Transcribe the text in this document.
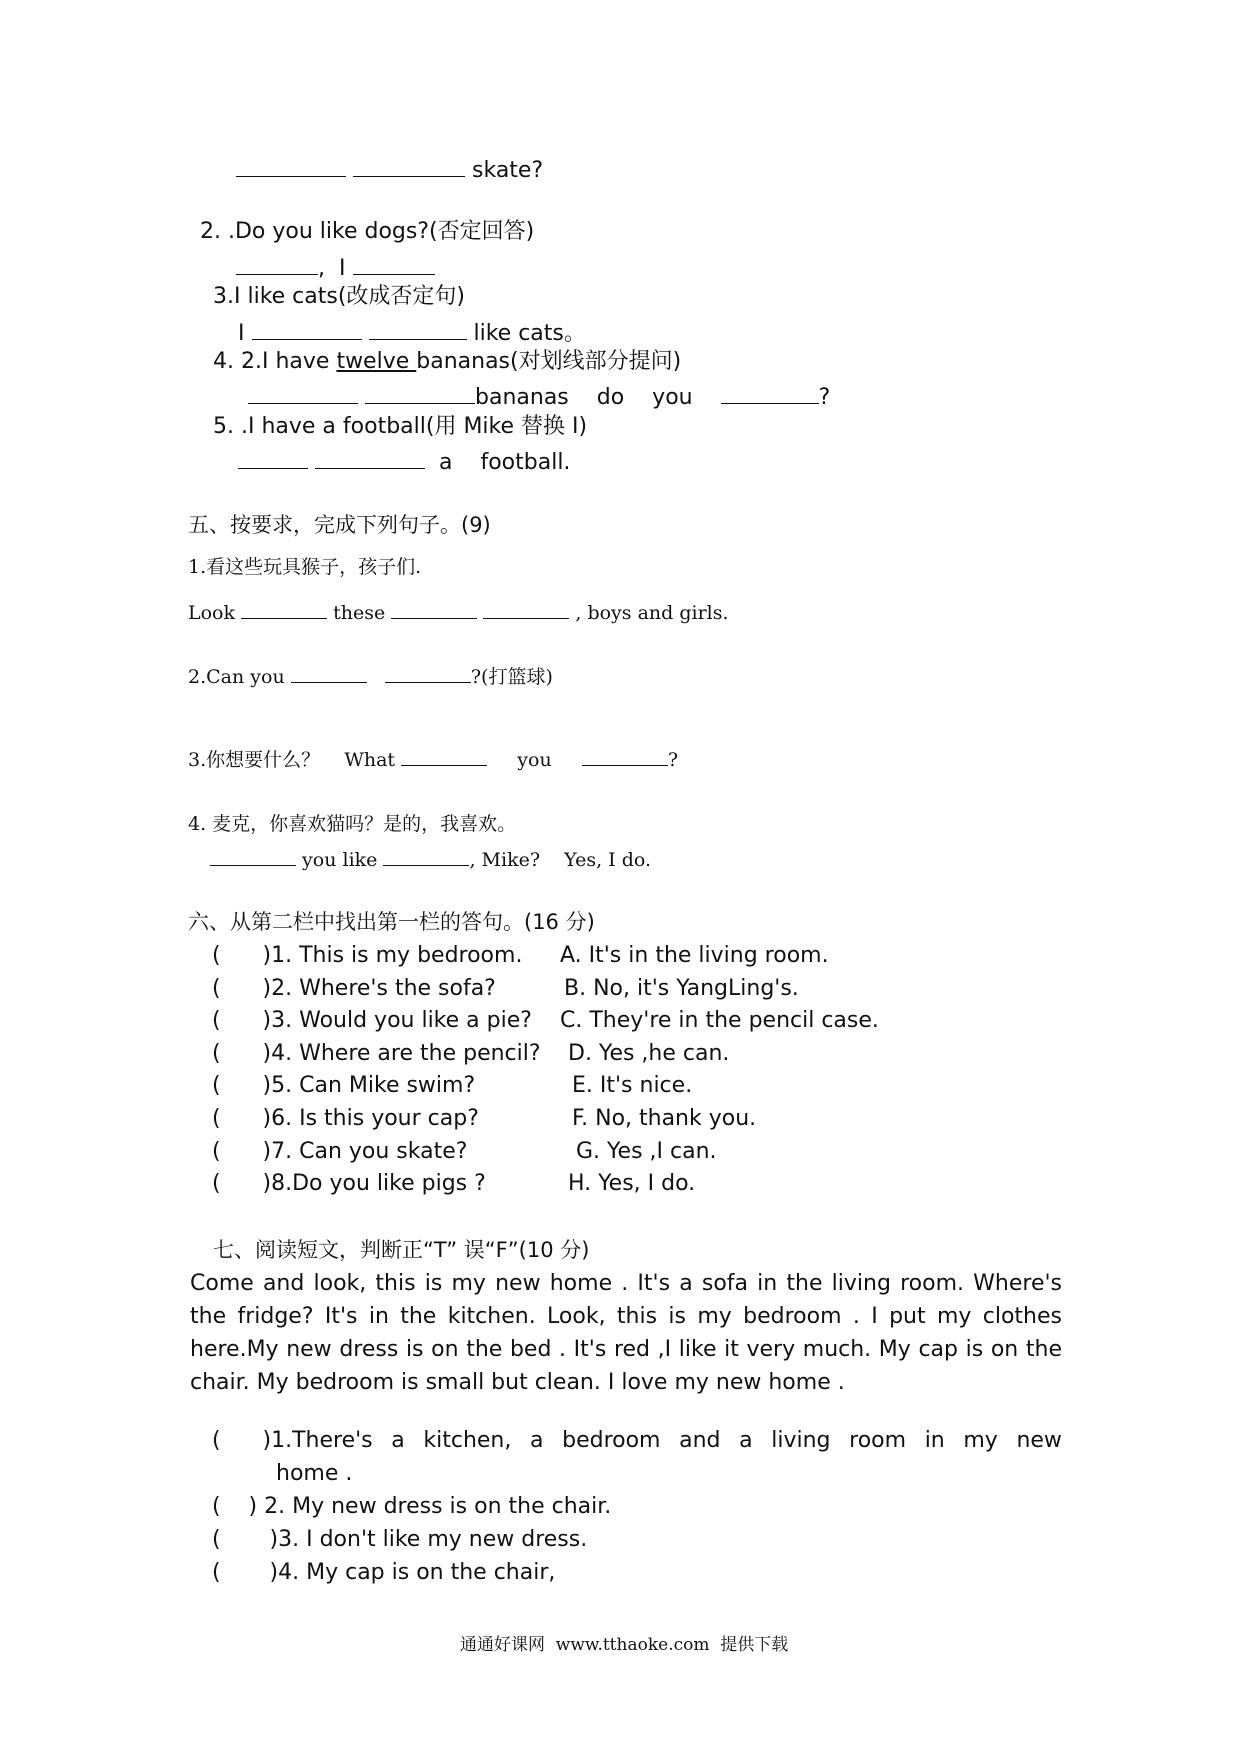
skate?
2. .Do you like dogs?(否定回答)
, I
3.I like cats(改成否定句)
I	like cats。
4. 2.I have twelve bananas(对划线部分提问)
bananas do you	?
5. .I have a football(用 Mike 替换 I)
a football.
五、按要求，完成下列句子。(9)
1.看这些玩具猴子，孩子们.
Look	these	, boys and girls.
2.Can you	?(打篮球)
3.你想要什么？ What	you	?
4. 麦克，你喜欢猫吗？是的，我喜欢。
you like	, Mike?    Yes, I do.
六、从第二栏中找出第一栏的答句。(16 分)
(      )1. This is my bedroom. A. It's in the living room.
(      )2. Where's the sofa?	B. No, it's YangLing's.
(      )3. Would you like a pie? C. They're in the pencil case.
(      )4. Where are the pencil? D. Yes ,he can.
(      )5. Can Mike swim?	E. It's nice.
(      )6. Is this your cap?	F. No, thank you.
(      )7. Can you skate?	G. Yes ,I can.
(      )8.Do you like pigs ?	H. Yes, I do.
七、阅读短文，判断正“T” 误“F”(10 分)

Come and look, this is my new home . It's a sofa in the living room. Where's the fridge? It's in the kitchen. Look, this is my bedroom . I put my clothes here.My new dress is on the bed . It's red ,I like it very much. My cap is on the chair. My bedroom is small but clean. I love my new home .

(      )1.There's a kitchen, a bedroom and a living room in my new
home .
(    ) 2. My new dress is on the chair.
(       )3. I don't like my new dress.
(       )4. My cap is on the chair,
通通好课网  www.tthaoke.com  提供下载
